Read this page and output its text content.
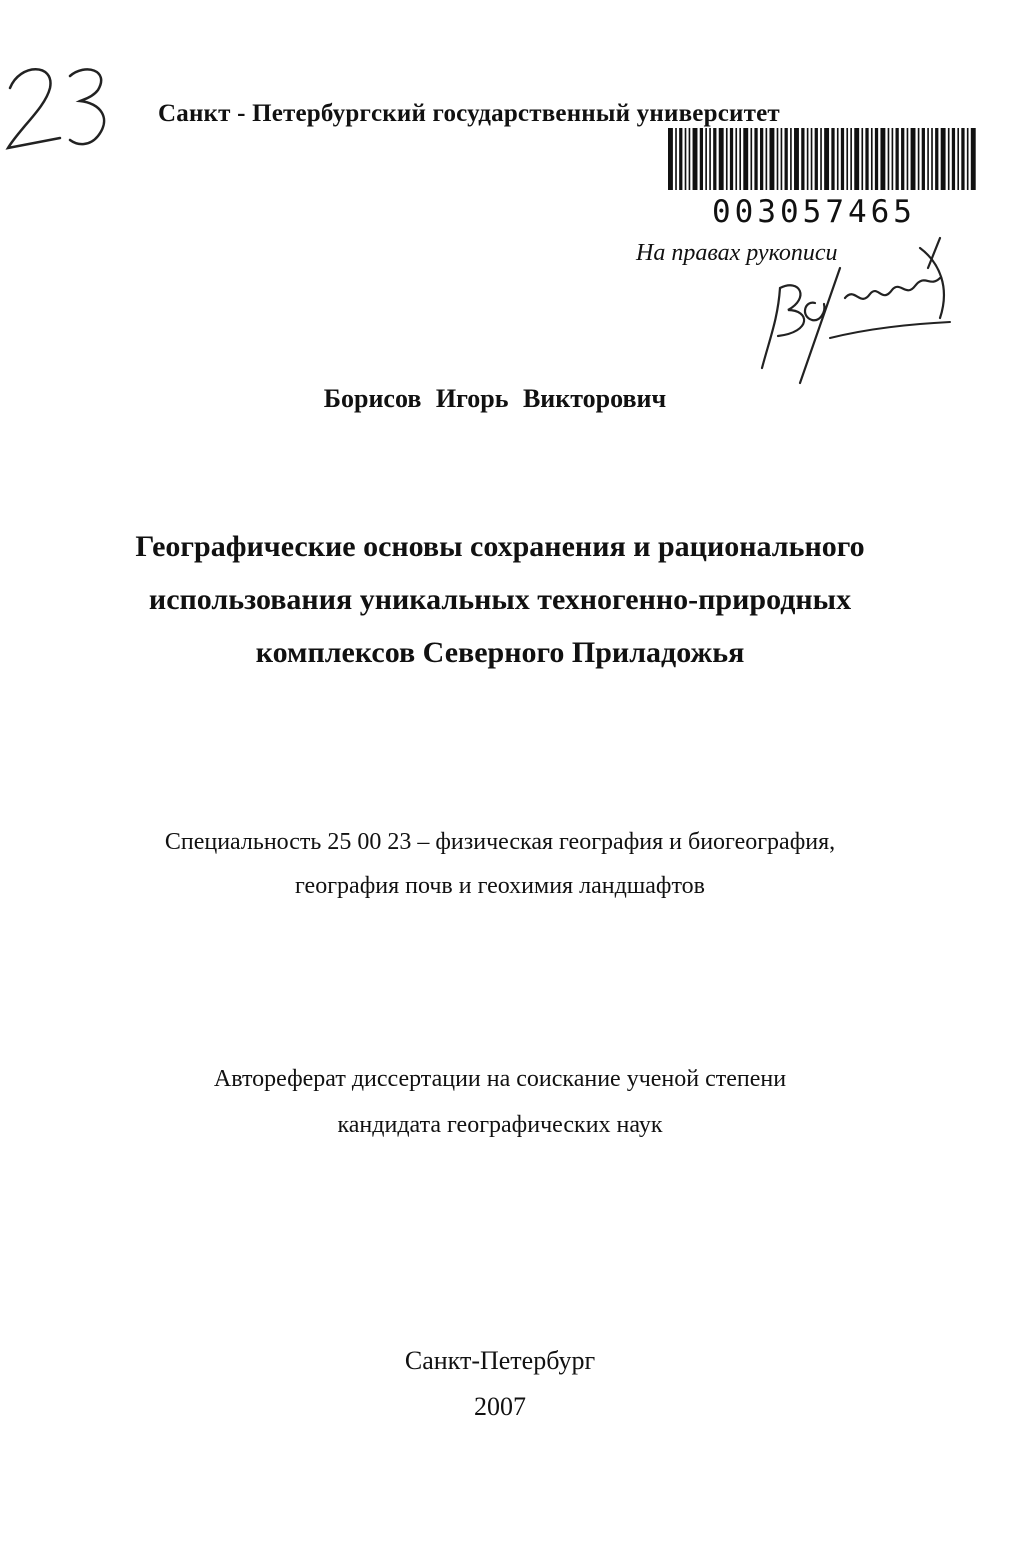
Санкт - Петербургский государственный университет
003057465
На правах рукописи
Борисов Игорь Викторович

Географические основы сохранения и рационального

использования уникальных техногенно-природных

комплексов Северного Приладожья

Специальность 25 00 23 – физическая география и биогеография,

география почв и геохимия ландшафтов

Автореферат диссертации на соискание ученой степени

кандидата географических наук

Санкт-Петербург

2007
